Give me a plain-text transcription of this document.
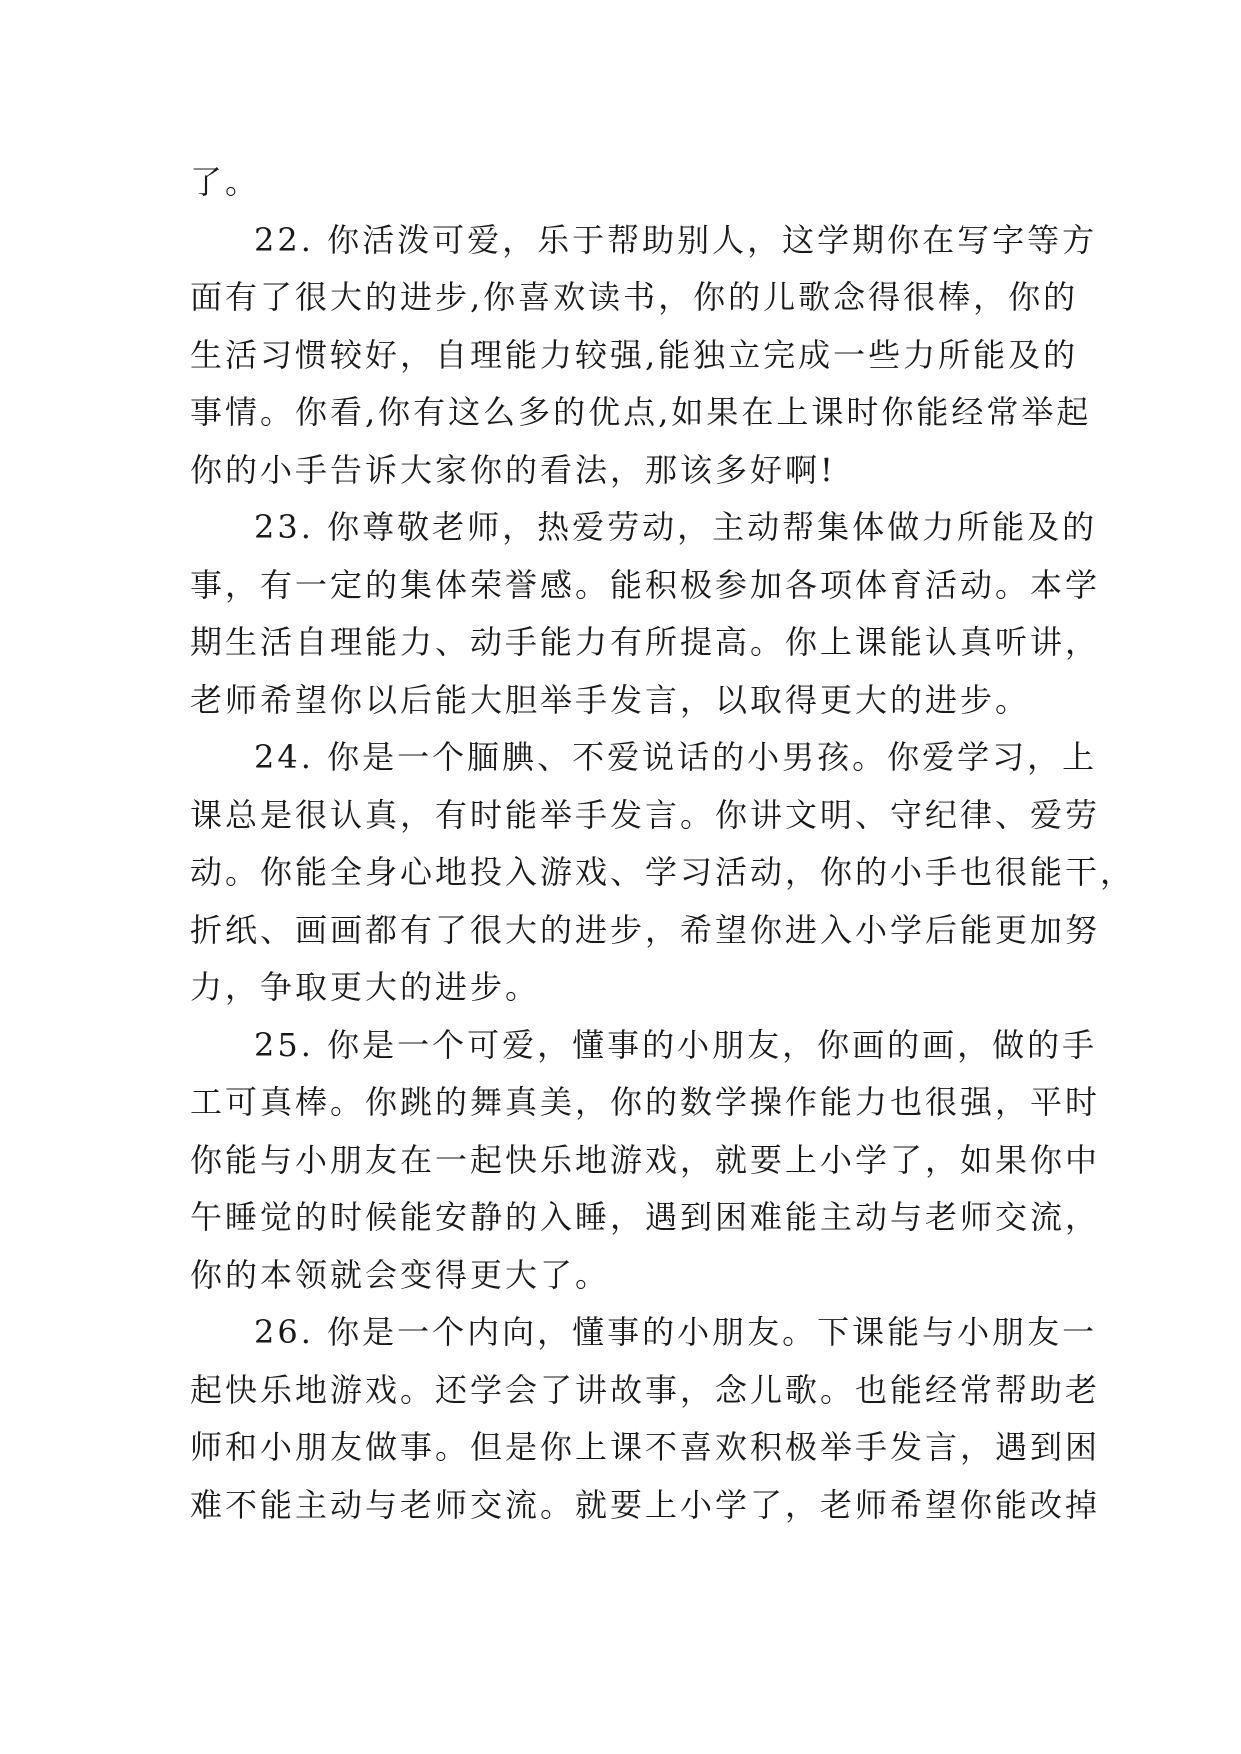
了。
22. 你活泼可爱，乐于帮助别人，这学期你在写字等方
面有了很大的进步,你喜欢读书，你的儿歌念得很棒，你的
生活习惯较好，自理能力较强,能独立完成一些力所能及的
事情。你看,你有这么多的优点,如果在上课时你能经常举起
你的小手告诉大家你的看法，那该多好啊!
23. 你尊敬老师，热爱劳动，主动帮集体做力所能及的
事，有一定的集体荣誉感。能积极参加各项体育活动。本学
期生活自理能力、动手能力有所提高。你上课能认真听讲，
老师希望你以后能大胆举手发言，以取得更大的进步。
24. 你是一个腼腆、不爱说话的小男孩。你爱学习，上
课总是很认真，有时能举手发言。你讲文明、守纪律、爱劳
动。你能全身心地投入游戏、学习活动，你的小手也很能干，
折纸、画画都有了很大的进步，希望你进入小学后能更加努
力，争取更大的进步。
25. 你是一个可爱，懂事的小朋友，你画的画，做的手
工可真棒。你跳的舞真美，你的数学操作能力也很强，平时
你能与小朋友在一起快乐地游戏，就要上小学了，如果你中
午睡觉的时候能安静的入睡，遇到困难能主动与老师交流，
你的本领就会变得更大了。
26. 你是一个内向，懂事的小朋友。下课能与小朋友一
起快乐地游戏。还学会了讲故事，念儿歌。也能经常帮助老
师和小朋友做事。但是你上课不喜欢积极举手发言，遇到困
难不能主动与老师交流。就要上小学了，老师希望你能改掉
